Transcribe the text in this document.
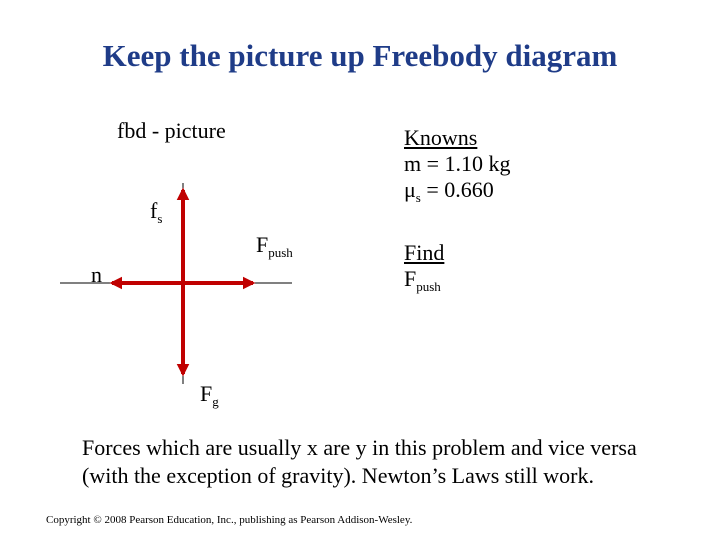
Keep the picture up Freebody diagram
fbd - picture	Knowns
m = 1.10 kg
$\mu_s = 0.660$
Find
$F_{push}$
$f_s$
$F_{push}$
n
$F_g$
Forces which are usually x are y in this problem and vice versa (with the exception of gravity). Newton’s Laws still work.
Copyright © 2008 Pearson Education, Inc., publishing as Pearson Addison-Wesley.
